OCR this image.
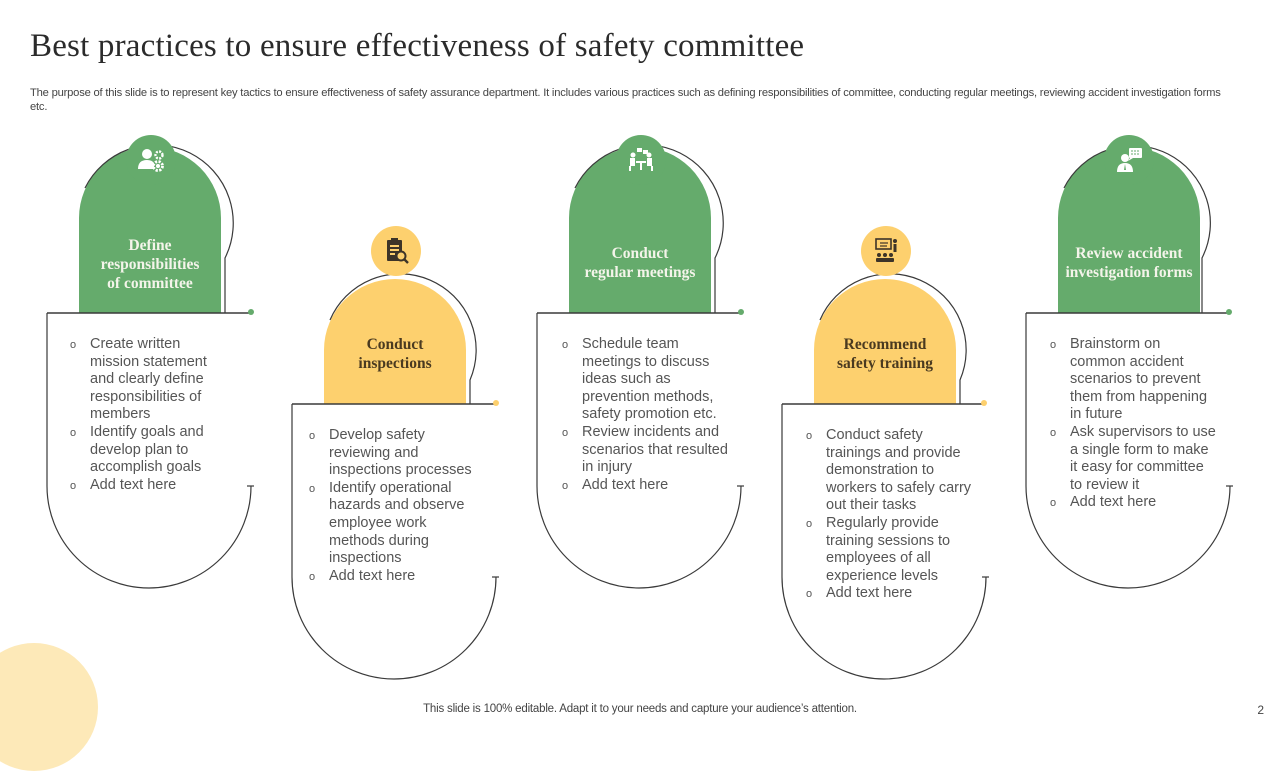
Best practices to ensure effectiveness of safety committee
The purpose of this slide is to represent key tactics to ensure effectiveness of safety assurance department. It includes various practices such as defining responsibilities of committee, conducting regular meetings, reviewing accident investigation forms etc.
Define
responsibilities
of committee
o Create written mission statement and clearly define responsibilities of members
o Identify goals and develop plan to accomplish goals
o Add text here
Conduct
inspections
o Develop safety reviewing and inspections processes
o Identify operational hazards and observe employee work methods during inspections
o Add text here
Conduct
regular meetings
o Schedule team meetings to discuss ideas such as prevention methods, safety promotion etc.
o Review incidents and scenarios that resulted in injury
o Add text here
Recommend
safety training
o Conduct safety trainings and provide demonstration to workers to safely carry out their tasks
o Regularly provide training sessions to employees of all experience levels
o Add text here
Review accident
investigation forms
o Brainstorm on common accident scenarios to prevent them from happening in future
o Ask supervisors to use a single form to make it easy for committee to review it
o Add text here
This slide is 100% editable. Adapt it to your needs and capture your audience’s attention.	2
